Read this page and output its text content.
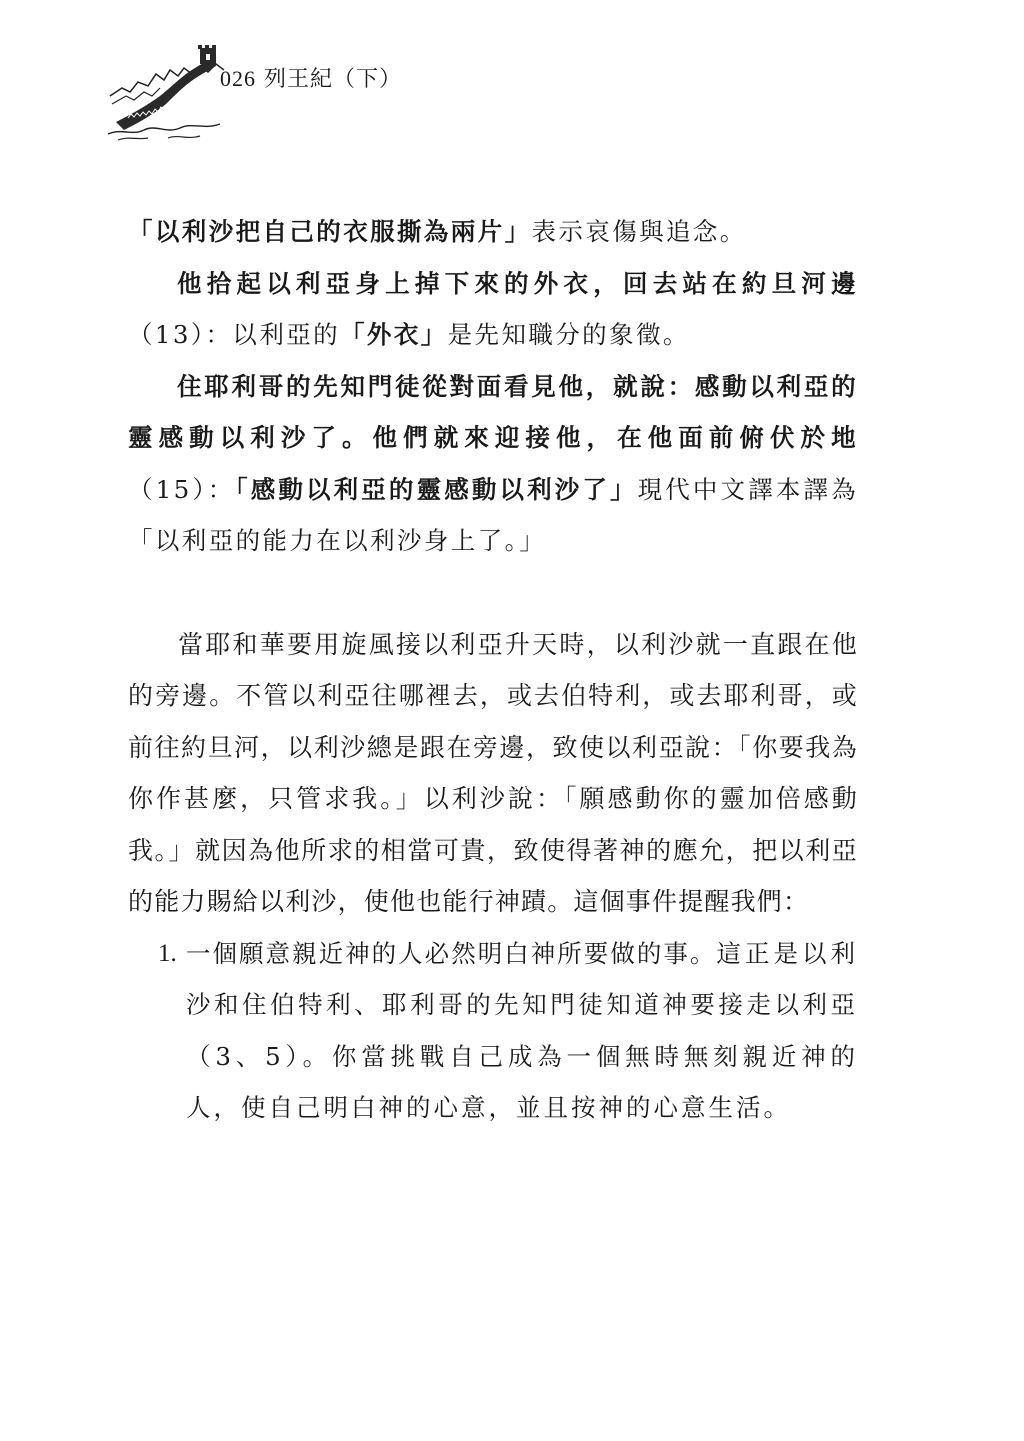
026 列王紀（下）

「以利沙把自己的衣服撕為兩片」表示哀傷與追念。

他拾起以利亞身上掉下來的外衣，回去站在約旦河邊（13）：以利亞的「外衣」是先知職分的象徵。

住耶利哥的先知門徒從對面看見他，就說：感動以利亞的靈感動以利沙了。他們就來迎接他，在他面前俯伏於地（15）：「感動以利亞的靈感動以利沙了」現代中文譯本譯為「以利亞的能力在以利沙身上了。」

當耶和華要用旋風接以利亞升天時，以利沙就一直跟在他的旁邊。不管以利亞往哪裡去，或去伯特利，或去耶利哥，或前往約旦河，以利沙總是跟在旁邊，致使以利亞說：「你要我為你作甚麼，只管求我。」以利沙說：「願感動你的靈加倍感動我。」就因為他所求的相當可貴，致使得著神的應允，把以利亞的能力賜給以利沙，使他也能行神蹟。這個事件提醒我們：

1. 一個願意親近神的人必然明白神所要做的事。這正是以利沙和住伯特利、耶利哥的先知門徒知道神要接走以利亞（3、5）。你當挑戰自己成為一個無時無刻親近神的人，使自己明白神的心意，並且按神的心意生活。
